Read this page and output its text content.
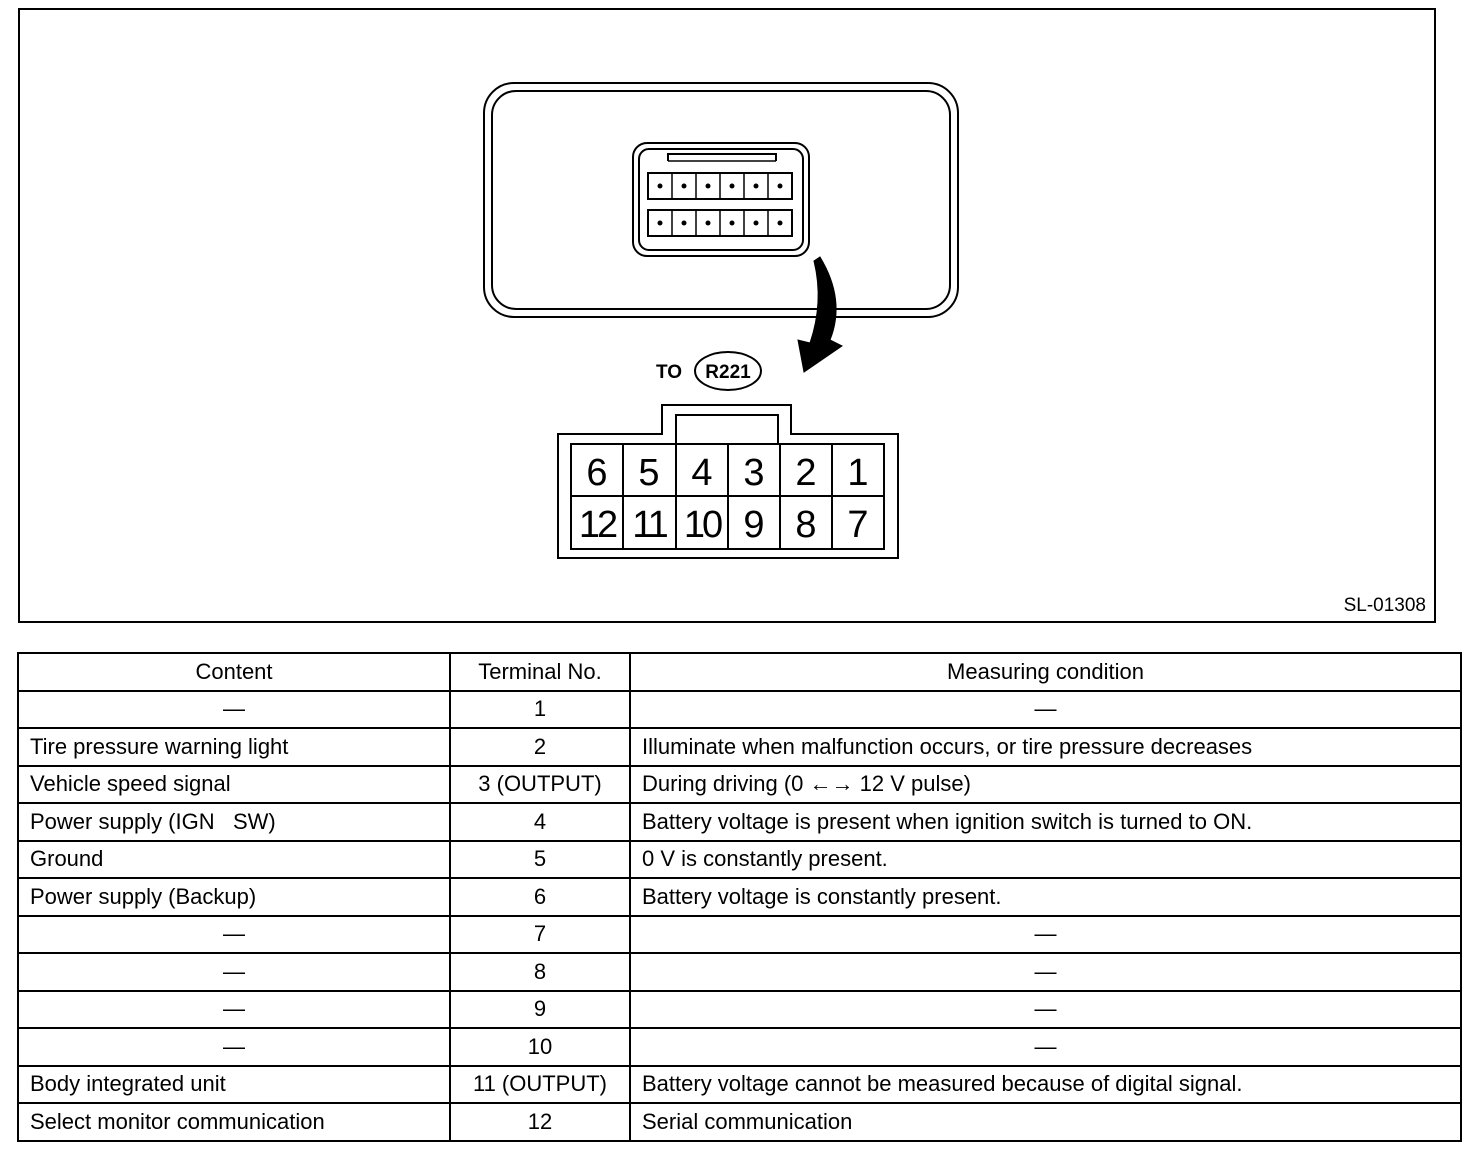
TO R221
6 5 4 3 2 1
12 11 10 9 8 7
SL-01308
Content	Terminal No.	Measuring condition
—	1	—
Tire pressure warning light	2	Illuminate when malfunction occurs, or tire pressure decreases
Vehicle speed signal	3 (OUTPUT)	During driving (0 ←→ 12 V pulse)
Power supply (IGN   SW)	4	Battery voltage is present when ignition switch is turned to ON.
Ground	5	0 V is constantly present.
Power supply (Backup)	6	Battery voltage is constantly present.
—	7	—
—	8	—
—	9	—
—	10	—
Body integrated unit	11 (OUTPUT)	Battery voltage cannot be measured because of digital signal.
Select monitor communication	12	Serial communication
